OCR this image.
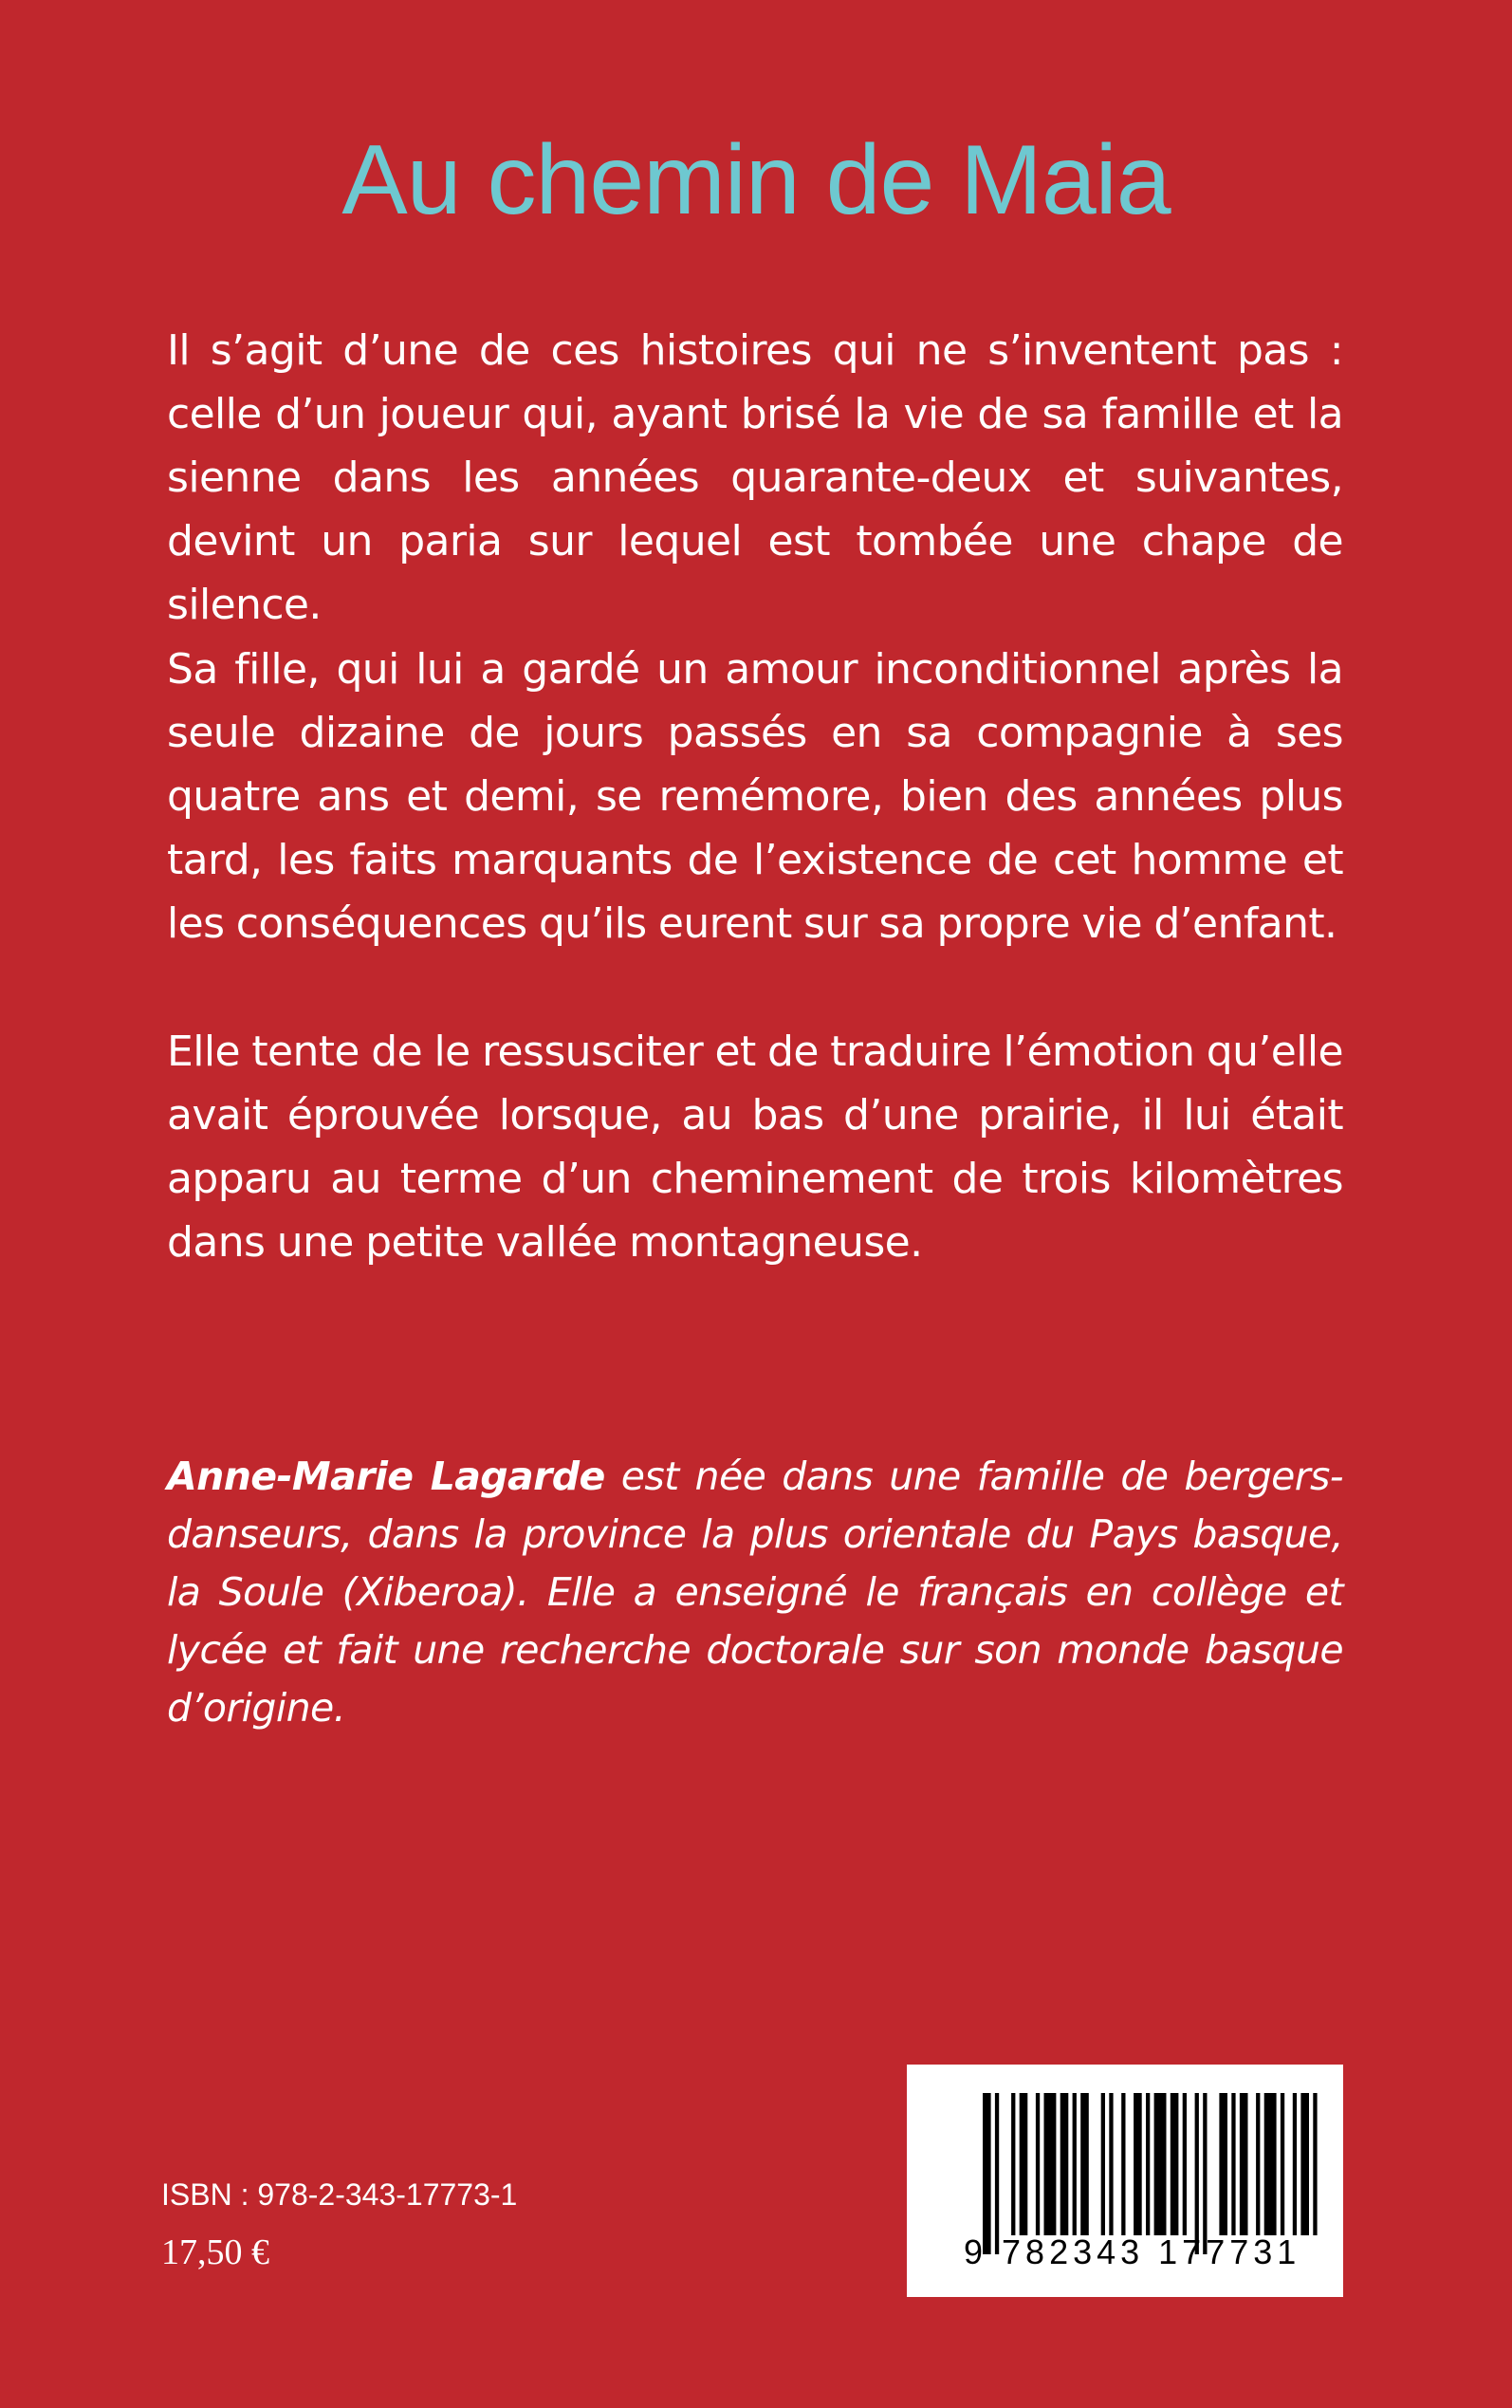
Au chemin de Maia

Il s’agit d’une de ces histoires qui ne s’inventent pas : celle d’un joueur qui, ayant brisé la vie de sa famille et la sienne dans les années quarante-deux et suivantes, devint un paria sur lequel est tombée une chape de silence.

Sa fille, qui lui a gardé un amour inconditionnel après la seule dizaine de jours passés en sa compagnie à ses quatre ans et demi, se remémore, bien des années plus tard, les faits marquants de l’existence de cet homme et les conséquences qu’ils eurent sur sa propre vie d’enfant.

Elle tente de le ressusciter et de traduire l’émotion qu’elle avait éprouvée lorsque, au bas d’une prairie, il lui était apparu au terme d’un cheminement de trois kilomètres dans une petite vallée montagneuse.

Anne-Marie Lagarde est née dans une famille de bergers-danseurs, dans la province la plus orientale du Pays basque, la Soule (Xiberoa). Elle a enseigné le français en collège et lycée et fait une recherche doctorale sur son monde basque d’origine.

ISBN : 978-2-343-17773-1

17,50 €	9 782343 177731
